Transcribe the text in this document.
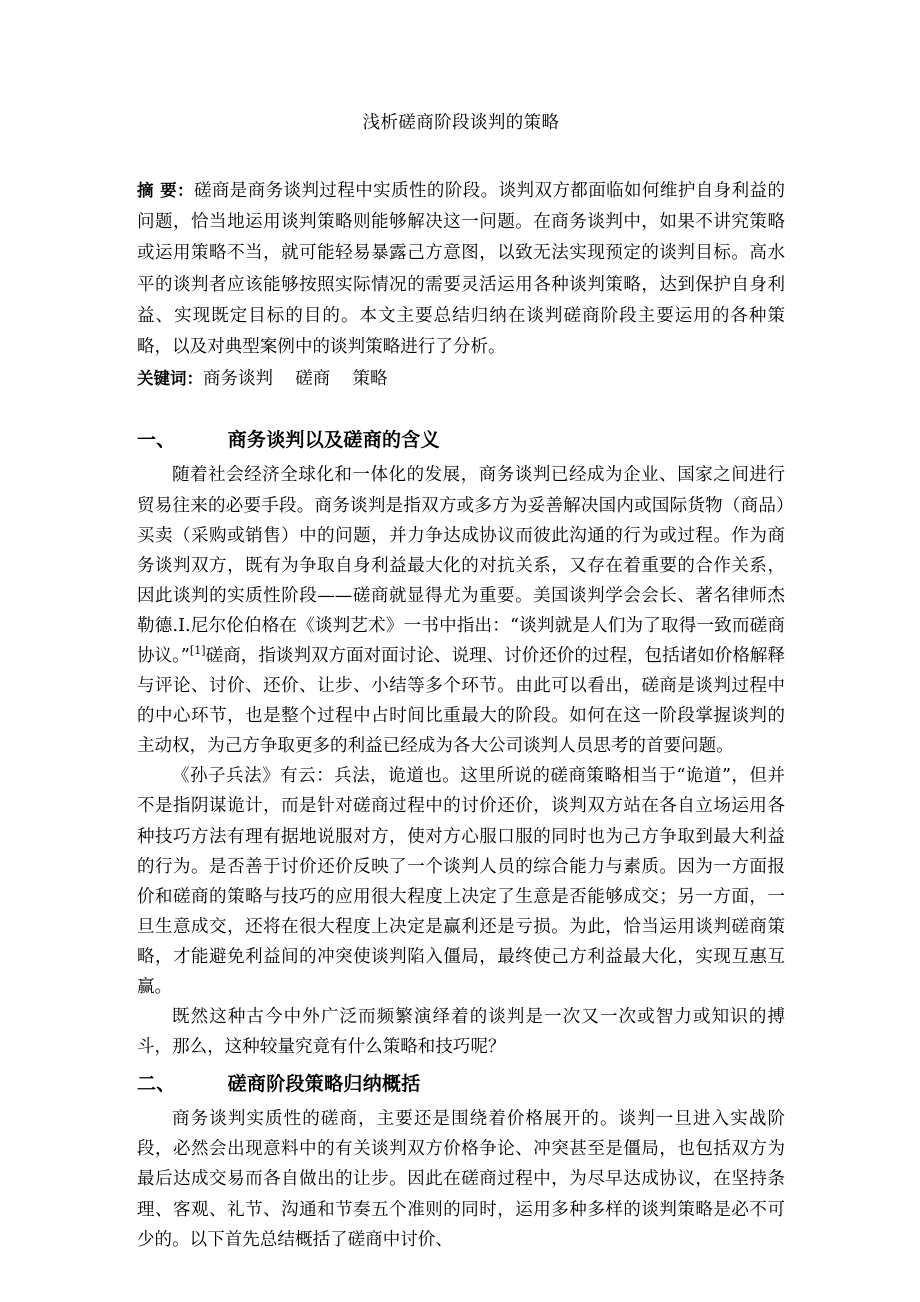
浅析磋商阶段谈判的策略

摘 要：磋商是商务谈判过程中实质性的阶段。谈判双方都面临如何维护自身利益的问题，恰当地运用谈判策略则能够解决这一问题。在商务谈判中，如果不讲究策略或运用策略不当，就可能轻易暴露己方意图，以致无法实现预定的谈判目标。高水平的谈判者应该能够按照实际情况的需要灵活运用各种谈判策略，达到保护自身利益、实现既定目标的目的。本文主要总结归纳在谈判磋商阶段主要运用的各种策略，以及对典型案例中的谈判策略进行了分析。

关键词：商务谈判    磋商    策略

一、	商务谈判以及磋商的含义

随着社会经济全球化和一体化的发展，商务谈判已经成为企业、国家之间进行贸易往来的必要手段。商务谈判是指双方或多方为妥善解决国内或国际货物（商品）买卖（采购或销售）中的问题，并力争达成协议而彼此沟通的行为或过程。作为商务谈判双方，既有为争取自身利益最大化的对抗关系，又存在着重要的合作关系，因此谈判的实质性阶段——磋商就显得尤为重要。美国谈判学会会长、著名律师杰勒德.I.尼尔伦伯格在《谈判艺术》一书中指出：“谈判就是人们为了取得一致而磋商协议。”[1]磋商，指谈判双方面对面讨论、说理、讨价还价的过程，包括诸如价格解释与评论、讨价、还价、让步、小结等多个环节。由此可以看出，磋商是谈判过程中的中心环节，也是整个过程中占时间比重最大的阶段。如何在这一阶段掌握谈判的主动权，为己方争取更多的利益已经成为各大公司谈判人员思考的首要问题。

《孙子兵法》有云：兵法，诡道也。这里所说的磋商策略相当于“诡道”，但并不是指阴谋诡计，而是针对磋商过程中的讨价还价，谈判双方站在各自立场运用各种技巧方法有理有据地说服对方，使对方心服口服的同时也为己方争取到最大利益的行为。是否善于讨价还价反映了一个谈判人员的综合能力与素质。因为一方面报价和磋商的策略与技巧的应用很大程度上决定了生意是否能够成交；另一方面，一旦生意成交，还将在很大程度上决定是赢利还是亏损。为此，恰当运用谈判磋商策略，才能避免利益间的冲突使谈判陷入僵局，最终使己方利益最大化，实现互惠互赢。

既然这种古今中外广泛而频繁演绎着的谈判是一次又一次或智力或知识的搏斗，那么，这种较量究竟有什么策略和技巧呢？

二、	磋商阶段策略归纳概括

商务谈判实质性的磋商，主要还是围绕着价格展开的。谈判一旦进入实战阶段，必然会出现意料中的有关谈判双方价格争论、冲突甚至是僵局，也包括双方为最后达成交易而各自做出的让步。因此在磋商过程中，为尽早达成协议，在坚持条理、客观、礼节、沟通和节奏五个准则的同时，运用多种多样的谈判策略是必不可少的。以下首先总结概括了磋商中讨价、
